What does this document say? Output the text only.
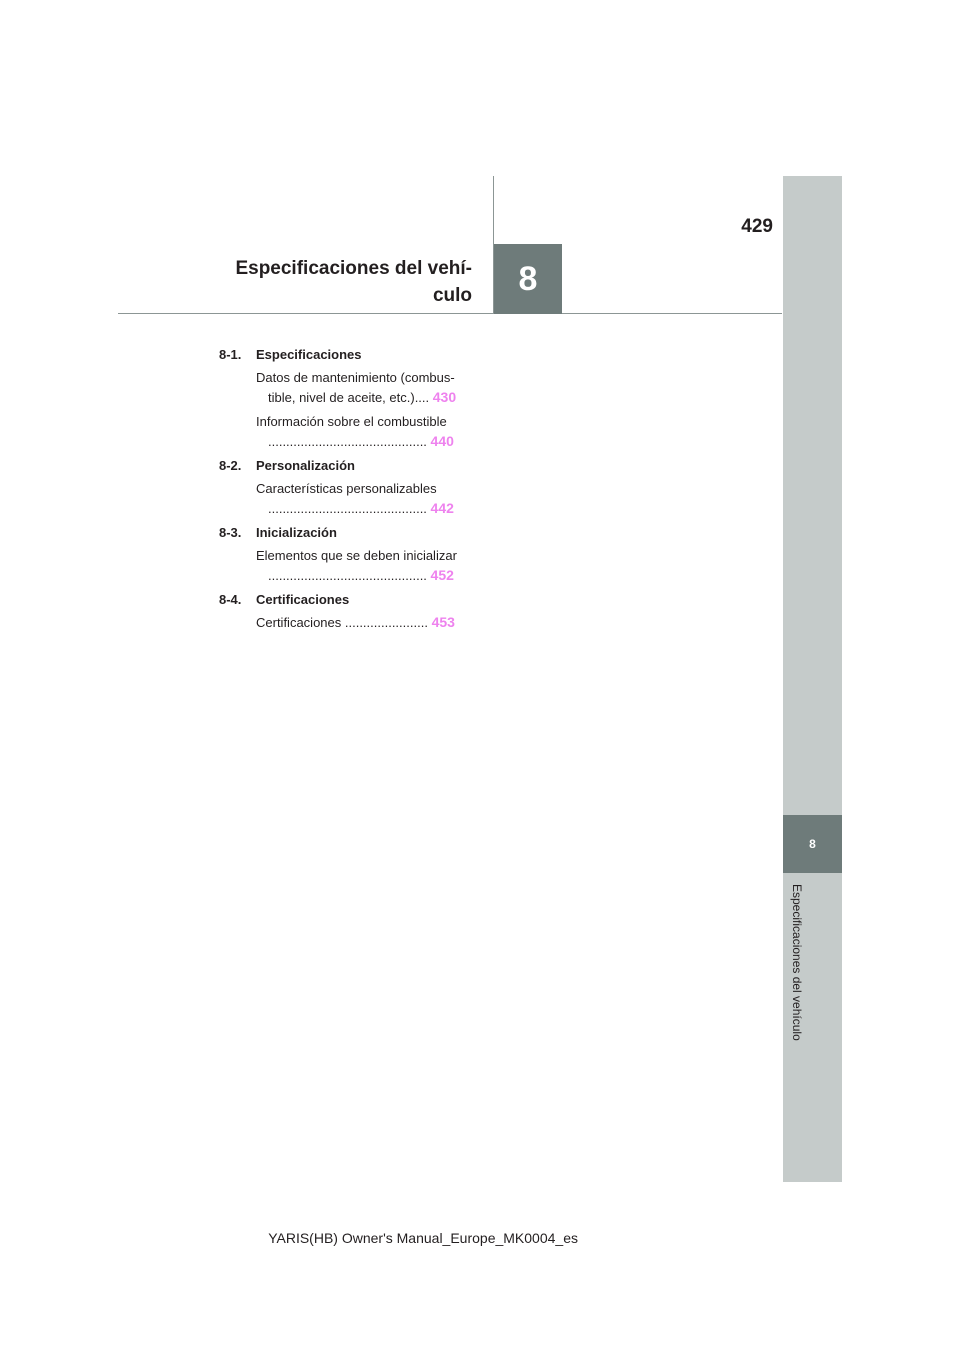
8
Especificaciones del vehículo
8
429
Especificaciones del vehí-
culo
8-1. Especificaciones
Datos de mantenimiento (combus-
tible, nivel de aceite, etc.).... 430
Información sobre el combustible
............................................ 440
8-2. Personalización
Características personalizables
............................................ 442
8-3. Inicialización
Elementos que se deben inicializar
............................................ 452
8-4. Certificaciones
Certificaciones ....................... 453
YARIS(HB) Owner's Manual_Europe_MK0004_es
